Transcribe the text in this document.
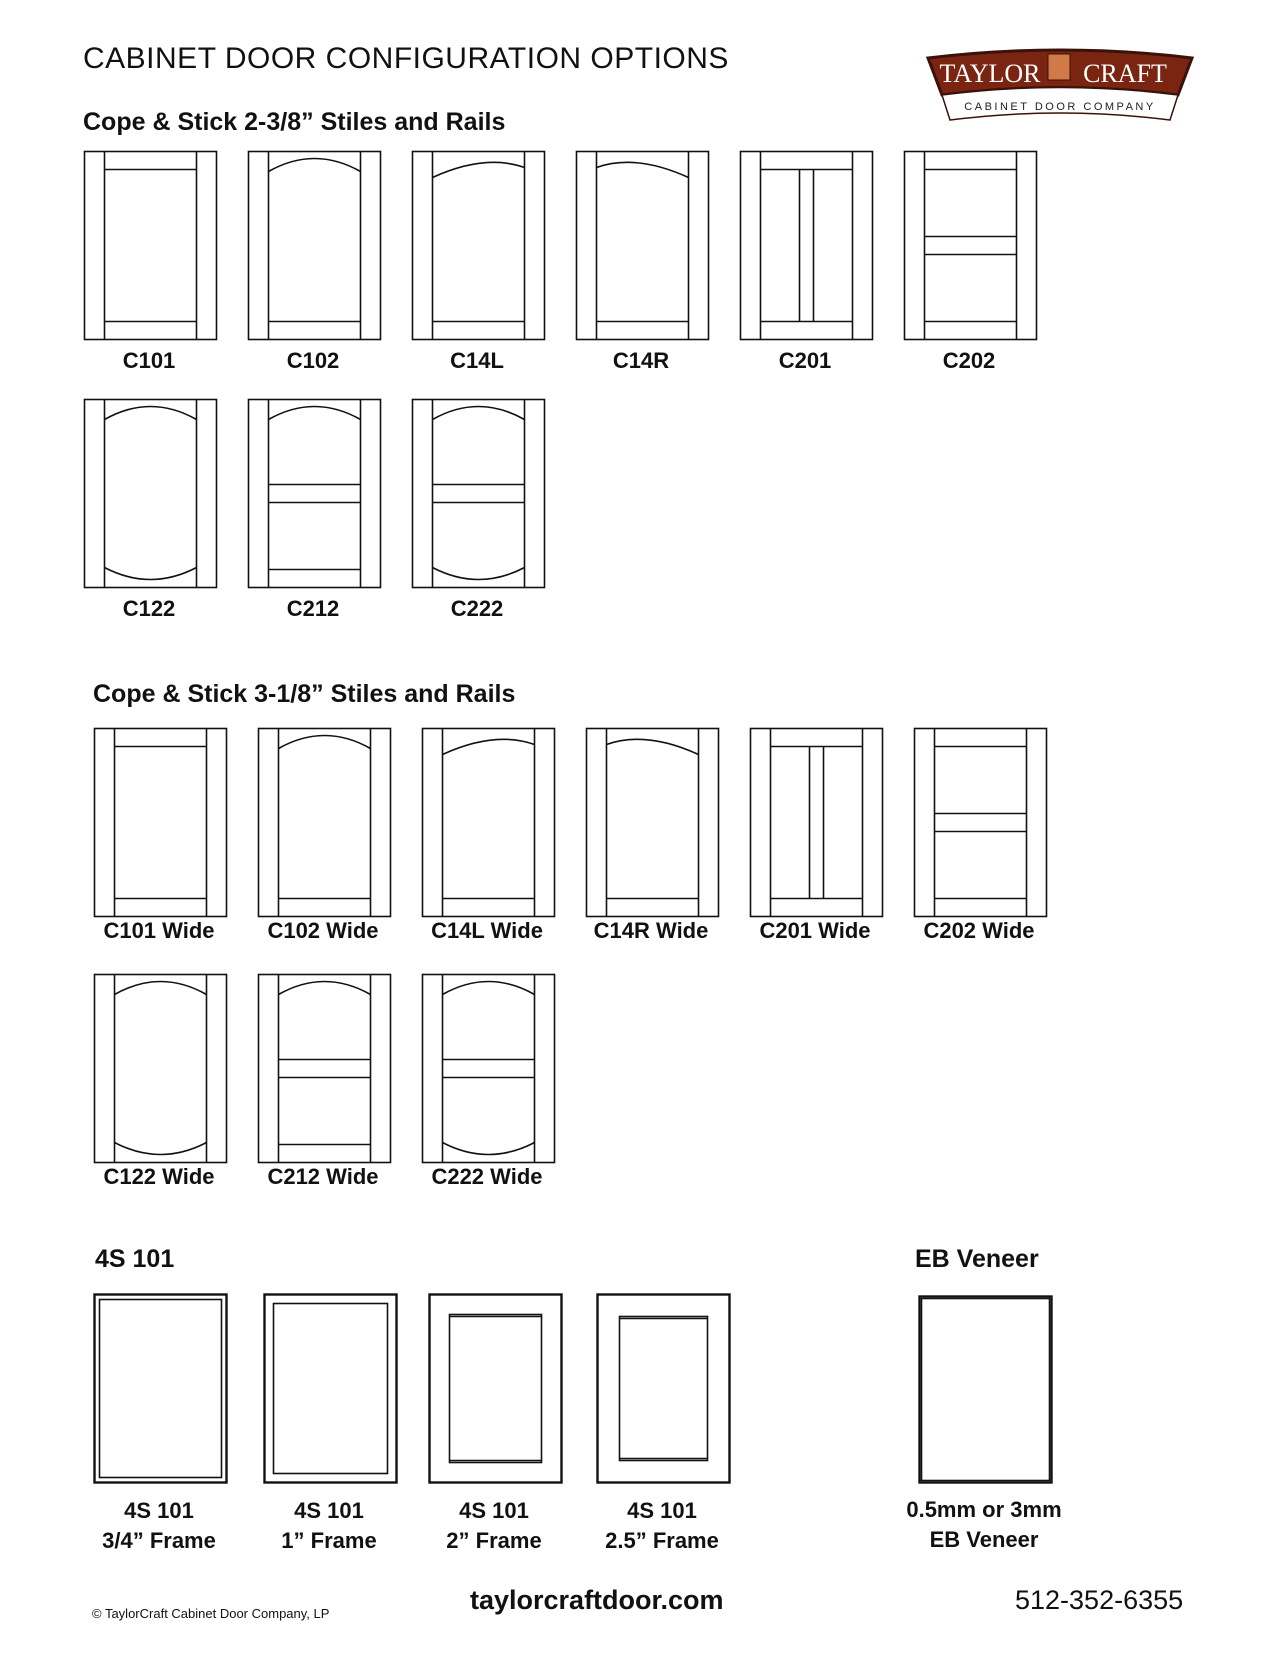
CABINET DOOR CONFIGURATION OPTIONS	TAYLOR CRAFT
CABINET DOOR COMPANY
Cope & Stick 2-3/8” Stiles and Rails
Cope & Stick 3-1/8” Stiles and Rails
4S 101	EB Veneer
C101	C102	C14L	C14R	C201	C202
C122	C212	C222
C101 Wide	C102 Wide	C14L Wide	C14R Wide	C201 Wide	C202 Wide
C122 Wide	C212 Wide	C222 Wide
4S 101
3/4” Frame
4S 101
1” Frame
4S 101
2” Frame
4S 101
2.5” Frame
0.5mm or 3mm
EB Veneer
© TaylorCraft Cabinet Door Company, LP	taylorcraftdoor.com	512-352-6355
